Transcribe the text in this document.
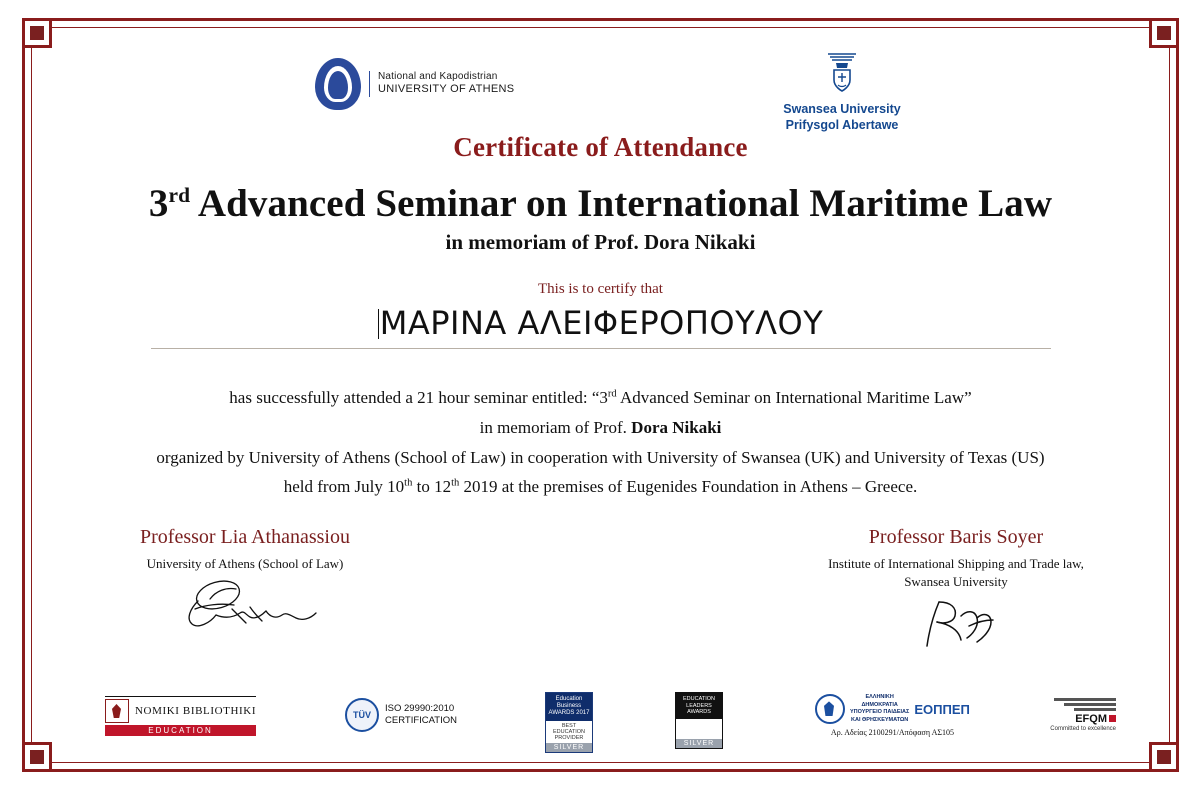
National and Kapodistrian
UNIVERSITY OF ATHENS
Swansea University
Prifysgol Abertawe
Certificate of Attendance
3rd Advanced Seminar on International Maritime Law
in memoriam of Prof. Dora Nikaki
This is to certify that
ΜΑΡΙΝΑ ΑΛΕΙΦΕΡΟΠΟΥΛΟΥ
has successfully attended a 21 hour seminar entitled: “3rd Advanced Seminar on International Maritime Law”
in memoriam of Prof. Dora Nikaki
organized by University of Athens (School of Law) in cooperation with University of Swansea (UK) and University of Texas (US)
held from July 10th to 12th 2019 at the premises of Eugenides Foundation in Athens – Greece.
Professor Lia Athanassiou
University of Athens (School of Law)
Professor Baris Soyer
Institute of International Shipping and Trade law,
Swansea University
NOMIKI BIBLIOTHIKI
EDUCATION
TÜV
ISO 29990:2010
CERTIFICATION
Education Business AWARDS 2017
BEST EDUCATION PROVIDER
SILVER
EDUCATION LEADERS AWARDS
SILVER
ΕΛΛΗΝΙΚΗ
ΔΗΜΟΚΡΑΤΙΑ
ΥΠΟΥΡΓΕΙΟ ΠΑΙΔΕΙΑΣ
ΚΑΙ ΘΡΗΣΚΕΥΜΑΤΩΝ
ΕΟΠΠΕΠ
Αρ. Αδείας 2100291/Απόφαση ΑΣ105
EFQM
Committed to excellence
